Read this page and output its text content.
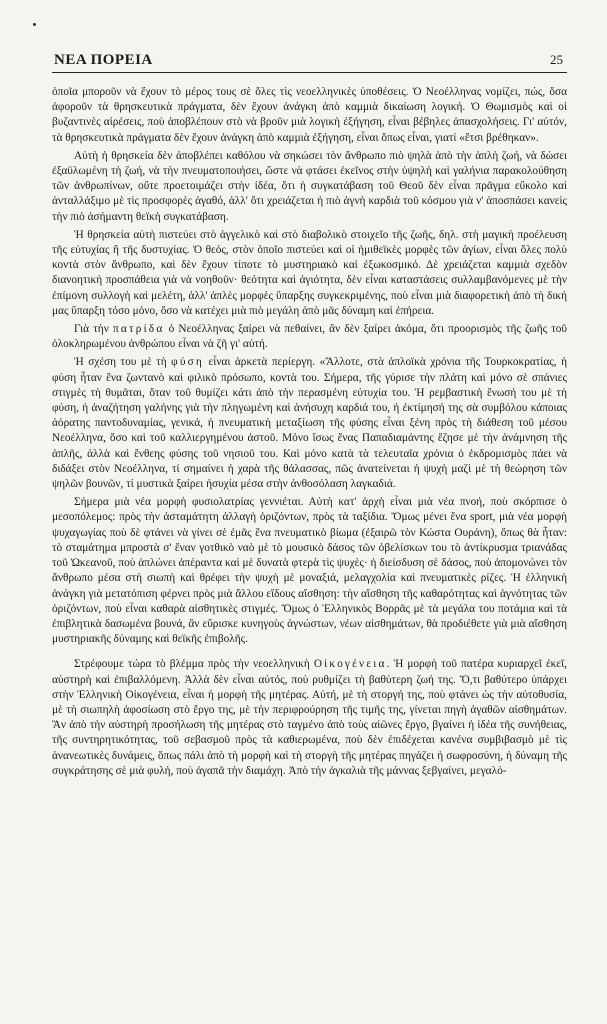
ΝΕΑ ΠΟΡΕΙΑ	25

ὁποῖα μποροῦν νὰ ἔχουν τὸ μέρος τους σὲ ὅλες τὶς νεοελληνικὲς ὑποθέσεις. Ὁ Νεοέλληνας νομίζει, πώς, ὅσα ἀφοροῦν τὰ θρησκευτικὰ πράγματα, δὲν ἔχουν ἀνάγκη ἀπὸ καμμιὰ δικαίωση λογική. Ὁ Θωμισμὸς καὶ οἱ βυζαντινὲς αἱρέσεις, ποὺ ἀποβλέπουν στὸ νὰ βροῦν μιὰ λογικὴ ἐξήγηση, εἶναι βέβηλες ἀπασχολήσεις. Γι' αὐτόν, τὰ θρησκευτικὰ πράγματα δὲν ἔχουν ἀνάγκη ἀπὸ καμμιὰ ἐξήγηση, εἶναι ὅπως εἶναι, γιατί «ἔτσι βρέθηκαν».

Αὐτὴ ἡ θρησκεία δὲν ἀποβλέπει καθόλου νὰ σηκώσει τὸν ἄνθρωπο πιὸ ψηλὰ ἀπὸ τὴν ἁπλὴ ζωή, νὰ δώσει ἐξαϋλωμένη τὴ ζωή, νὰ τὴν πνευματοποιήσει, ὥστε νὰ φτάσει ἐκεῖνος στὴν ὑψηλὴ καὶ γαλήνια παρακολούθηση τῶν ἀνθρωπίνων, οὔτε προετοιμάζει στὴν ἰδέα, ὅτι ἡ συγκατάβαση τοῦ Θεοῦ δὲν εἶναι πρᾶγμα εὔκολο καὶ ἀνταλλάξιμο μὲ τὶς προσφορὲς ἀγαθό, ἀλλ' ὅτι χρειάζεται ἡ πιὸ ἁγνὴ καρδιὰ τοῦ κόσμου γιὰ ν' ἀποσπάσει κανεὶς τὴν πιὸ ἀσήμαντη θεϊκὴ συγκατάβαση.

Ἡ θρησκεία αὐτὴ πιστεύει στὸ ἀγγελικὸ καὶ στὸ διαβολικὸ στοιχεῖο τῆς ζωῆς, δηλ. στὴ μαγικὴ προέλευση τῆς εὐτυχίας ἢ τῆς δυστυχίας. Ὁ θεός, στὸν ὁποῖο πιστεύει καὶ οἱ ἡμιθεϊκὲς μορφὲς τῶν ἁγίων, εἶναι ὅλες πολὺ κοντὰ στὸν ἄνθρωπο, καὶ δὲν ἔχουν τίποτε τὸ μυστηριακὸ καὶ ἐξωκοσμικό. Δὲ χρειάζεται καμμιὰ σχεδὸν διανοητικὴ προσπάθεια γιὰ νὰ νοηθοῦν· θεότητα καὶ ἁγιότητα, δὲν εἶναι καταστάσεις συλλαμβανόμενες μὲ τὴν ἐπίμονη συλλογὴ καὶ μελέτη, ἀλλ' ἁπλὲς μορφὲς ὕπαρξης συγκεκριμένης, ποὺ εἶναι μιὰ διαφορετικὴ ἀπὸ τὴ δική μας ὕπαρξη τόσο μόνο, ὅσο νὰ κατέχει μιὰ πιὸ μεγάλη ἀπὸ μᾶς δύναμη καὶ ἐπήρεια.

Γιὰ τὴν πατρίδα ὁ Νεοέλληνας ξαίρει νὰ πεθαίνει, ἂν δὲν ξαίρει ἀκόμα, ὅτι προορισμὸς τῆς ζωῆς τοῦ ὁλοκληρωμένου ἀνθρώπου εἶναι νὰ ζῆ γι' αὐτή.

Ἡ σχέση του μὲ τὴ φύση εἶναι ἀρκετὰ περίεργη. «Ἄλλοτε, στὰ ἁπλοϊκὰ χρόνια τῆς Τουρκοκρατίας, ἡ φύση ἦταν ἕνα ζωντανὸ καὶ φιλικὸ πρόσωπο, κοντὰ του. Σήμερα, τῆς γύρισε τὴν πλάτη καὶ μόνο σὲ σπάνιες στιγμὲς τὴ θυμᾶται, ὅταν τοῦ θυμίζει κάτι ἀπὸ τὴν περασμένη εὐτυχία του. Ἡ ρεμβαστικὴ ἕνωσή του μὲ τὴ φύση, ἡ ἀναζήτηση γαλήνης γιὰ τὴν πληγωμένη καὶ ἀνήσυχη καρδιά του, ἡ ἐκτίμησή της σὰ συμβόλου κάποιας ἀόρατης παντοδυναμίας, γενικά, ἡ πνευματικὴ μεταξίωση τῆς φύσης εἶναι ξένη πρὸς τὴ διάθεση τοῦ μέσου Νεοέλληνα, ὅσο καὶ τοῦ καλλιεργημένου ἀστοῦ. Μόνο ἴσως ἕνας Παπαδιαμάντης ἔζησε μὲ τὴν ἀνάμνηση τῆς ἁπλῆς, ἀλλὰ καὶ ἔνθεης φύσης τοῦ νησιοῦ του. Καὶ μόνο κατὰ τὰ τελευταῖα χρόνια ὁ ἐκδρομισμὸς πάει νὰ διδάξει στὸν Νεοέλληνα, τί σημαίνει ἡ χαρὰ τῆς θάλασσας, πῶς ἀνατείνεται ἡ ψυχὴ μαζὶ μὲ τὴ θεώρηση τῶν ψηλῶν βουνῶν, τί μυστικὰ ξαίρει ἡσυχία μέσα στὴν ἀνθοσόλαση λαγκαδιά.

Σήμερα μιὰ νέα μορφὴ φυσιολατρίας γεννιέται. Αὐτὴ κατ' ἀρχὴ εἶναι μιὰ νέα πνοή, ποὺ σκόρπισε ὁ μεσοπόλεμος: πρὸς τὴν ἀσταμάτητη ἀλλαγὴ ὁριζόντων, πρὸς τὰ ταξίδια. Ὅμως μένει ἕνα sport, μιὰ νέα μορφὴ ψυχαγωγίας ποὺ δὲ φτάνει νὰ γίνει σὲ ἐμᾶς ἕνα πνευματικὸ βίωμα (ἐξαιρῶ τὸν Κώστα Ουράνη), ὅπως θὰ ἦταν: τὸ σταμάτημα μπροστὰ σ' ἕναν γοτθικὸ ναὸ μὲ τὸ μουσικὸ δάσος τῶν ὀβελίσκων του τὸ ἀντίκρυσμα τριανάδας τοῦ Ὠκεανοῦ, ποὺ ἁπλώνει ἀπέραντα καὶ μὲ δυνατὰ φτερὰ τὶς ψυχὲς· ἡ διείσδυση σὲ δάσος, ποὺ ἀπομονώνει τὸν ἄνθρωπο μέσα στὴ σιωπὴ καὶ θρέφει τὴν ψυχὴ μὲ μοναξιά, μελαγχολία καὶ πνευματικὲς ρίζες. Ἡ ἑλληνικὴ ἀνάγκη γιὰ μετατόπιση φέρνει πρὸς μιὰ ἄλλου εἴδους αἴσθηση: τὴν αἴσθηση τῆς καθαρότητας καὶ ἁγνότητας τῶν ὁριζόντων, ποὺ εἶναι καθαρὰ αἰσθητικὲς στιγμές. Ὅμως ὁ Ἑλληνικὸς Βορρᾶς μὲ τὰ μεγάλα του ποτάμια καὶ τὰ ἐπιβλητικὰ δασωμένα βουνά, ἂν εὕρισκε κυνηγοὺς ἀγνώστων, νέων αἰσθημάτων, θὰ προδιέθετε γιὰ μιὰ αἴσθηση μυστηριακῆς δύναμης καὶ θεϊκῆς ἐπιβολῆς.

Στρέφουμε τώρα τὸ βλέμμα πρὸς τὴν νεοελληνικὴ Οἰκογένεια. Ἡ μορφὴ τοῦ πατέρα κυριαρχεῖ ἐκεῖ, αὐστηρὴ καὶ ἐπιβαλλόμενη. Ἀλλὰ δὲν εἶναι αὐτός, ποὺ ρυθμίζει τὴ βαθύτερη ζωή της. Ὅ,τι βαθύτερο ὑπάρχει στὴν Ἑλληνικὴ Οἰκογένεια, εἶναι ἡ μορφὴ τῆς μητέρας. Αὐτή, μὲ τὴ στοργή της, ποὺ φτάνει ὡς τὴν αὐτοθυσία, μὲ τὴ σιωπηλὴ ἀφοσίωση στὸ ἔργο της, μὲ τὴν περιφρούρηση τῆς τιμῆς της, γίνεται πηγὴ ἀγαθῶν αἰσθημάτων. Ἂν ἀπὸ τὴν αὐστηρὴ προσήλωση τῆς μητέρας στὸ ταγμένο ἀπὸ τοὺς αἰῶνες ἔργο, βγαίνει ἡ ἰδέα τῆς συνήθειας, τῆς συντηρητικότητας, τοῦ σεβασμοῦ πρὸς τὰ καθιερωμένα, ποὺ δὲν ἐπιδέχεται κανένα συμβιβασμὸ μὲ τὶς ἀνανεωτικὲς δυνάμεις, ὅπως πάλι ἀπὸ τὴ μορφὴ καὶ τὴ στοργὴ τῆς μητέρας πηγάζει ἡ σωφροσύνη, ἡ δύναμη τῆς συγκράτησης σὲ μιὰ φυλή, ποὺ ἀγαπᾶ τὴν διαμάχη. Ἀπὸ τὴν ἀγκαλιὰ τῆς μάννας ξεβγαίνει, μεγαλό-
